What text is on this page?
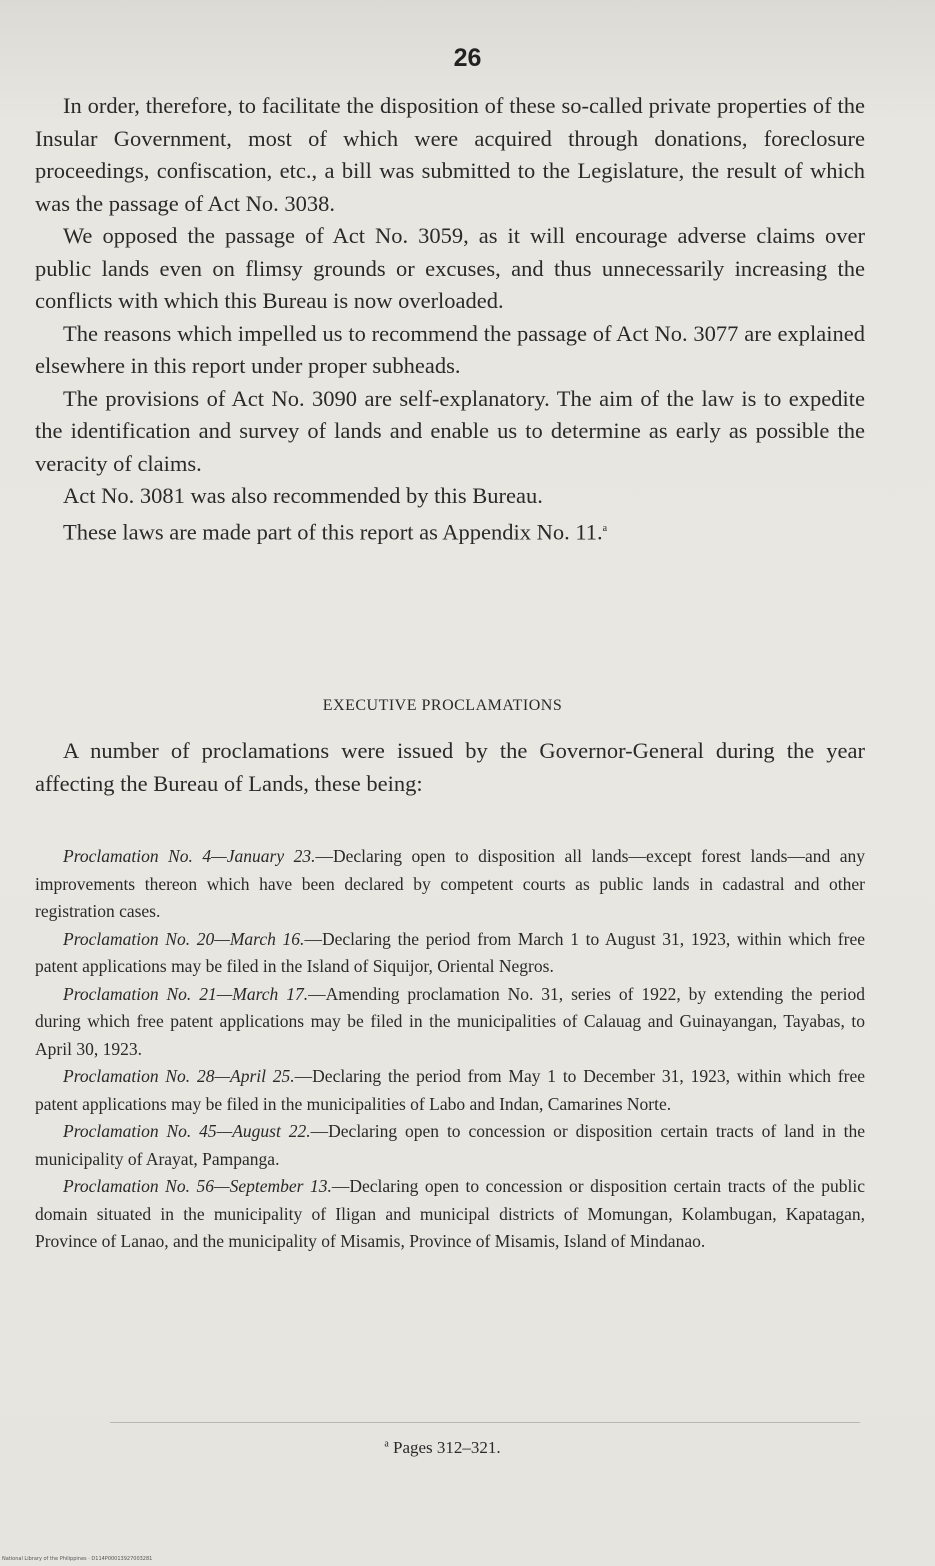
26

In order, therefore, to facilitate the disposition of these so-called private properties of the Insular Government, most of which were acquired through donations, foreclosure proceedings, confiscation, etc., a bill was submitted to the Legislature, the result of which was the passage of Act No. 3038.

We opposed the passage of Act No. 3059, as it will encourage adverse claims over public lands even on flimsy grounds or excuses, and thus unnecessarily increasing the conflicts with which this Bureau is now overloaded.

The reasons which impelled us to recommend the passage of Act No. 3077 are explained elsewhere in this report under proper subheads.

The provisions of Act No. 3090 are self-explanatory. The aim of the law is to expedite the identification and survey of lands and enable us to determine as early as possible the veracity of claims.

Act No. 3081 was also recommended by this Bureau.

These laws are made part of this report as Appendix No. 11.$^a$

EXECUTIVE PROCLAMATIONS

A number of proclamations were issued by the Governor-General during the year affecting the Bureau of Lands, these being:

Proclamation No. 4—January 23.—Declaring open to disposition all lands—except forest lands—and any improvements thereon which have been declared by competent courts as public lands in cadastral and other registration cases.

Proclamation No. 20—March 16.—Declaring the period from March 1 to August 31, 1923, within which free patent applications may be filed in the Island of Siquijor, Oriental Negros.

Proclamation No. 21—March 17.—Amending proclamation No. 31, series of 1922, by extending the period during which free patent applications may be filed in the municipalities of Calauag and Guinayangan, Tayabas, to April 30, 1923.

Proclamation No. 28—April 25.—Declaring the period from May 1 to December 31, 1923, within which free patent applications may be filed in the municipalities of Labo and Indan, Camarines Norte.

Proclamation No. 45—August 22.—Declaring open to concession or disposition certain tracts of land in the municipality of Arayat, Pampanga.

Proclamation No. 56—September 13.—Declaring open to concession or disposition certain tracts of the public domain situated in the municipality of Iligan and municipal districts of Momungan, Kolambugan, Kapatagan, Province of Lanao, and the municipality of Misamis, Province of Misamis, Island of Mindanao.

$^a$ Pages 312–321.
National Library of the Philippines · D114P00013927003281
